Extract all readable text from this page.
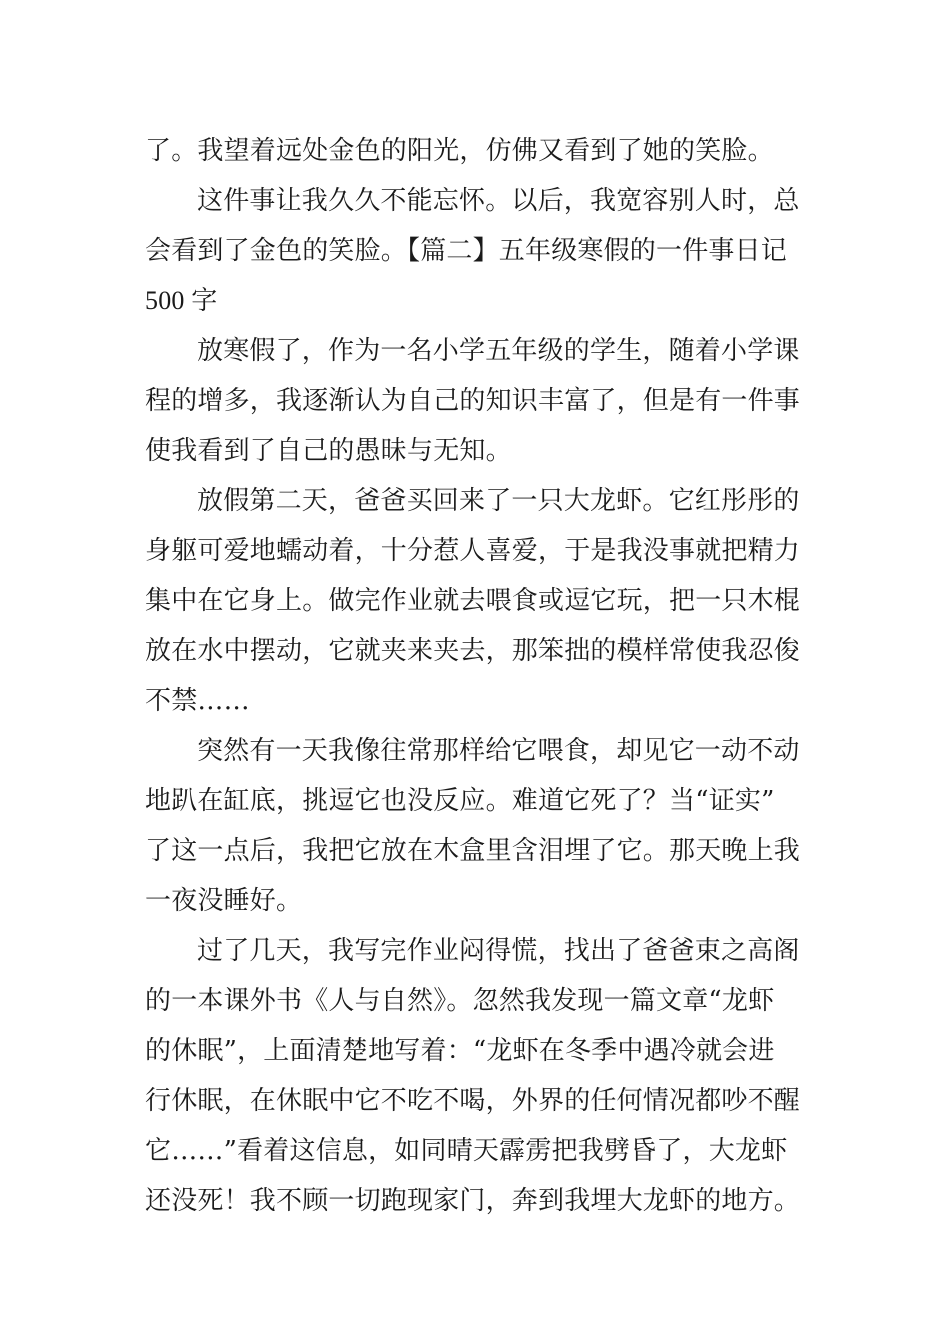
了。我望着远处金色的阳光，仿佛又看到了她的笑脸。

这件事让我久久不能忘怀。以后，我宽容别人时，总

会看到了金色的笑脸。【篇二】五年级寒假的一件事日记

500 字

放寒假了，作为一名小学五年级的学生，随着小学课

程的增多，我逐渐认为自己的知识丰富了，但是有一件事

使我看到了自己的愚昧与无知。

放假第二天，爸爸买回来了一只大龙虾。它红彤彤的

身躯可爱地蠕动着，十分惹人喜爱，于是我没事就把精力

集中在它身上。做完作业就去喂食或逗它玩，把一只木棍

放在水中摆动，它就夹来夹去，那笨拙的模样常使我忍俊

不禁……

突然有一天我像往常那样给它喂食，却见它一动不动

地趴在缸底，挑逗它也没反应。难道它死了？当“证实”

了这一点后，我把它放在木盒里含泪埋了它。那天晚上我

一夜没睡好。

过了几天，我写完作业闷得慌，找出了爸爸束之高阁

的一本课外书《人与自然》。忽然我发现一篇文章“龙虾

的休眠”，上面清楚地写着：“龙虾在冬季中遇冷就会进

行休眠，在休眠中它不吃不喝，外界的任何情况都吵不醒

它……”看着这信息，如同晴天霹雳把我劈昏了，大龙虾

还没死！我不顾一切跑现家门，奔到我埋大龙虾的地方。
